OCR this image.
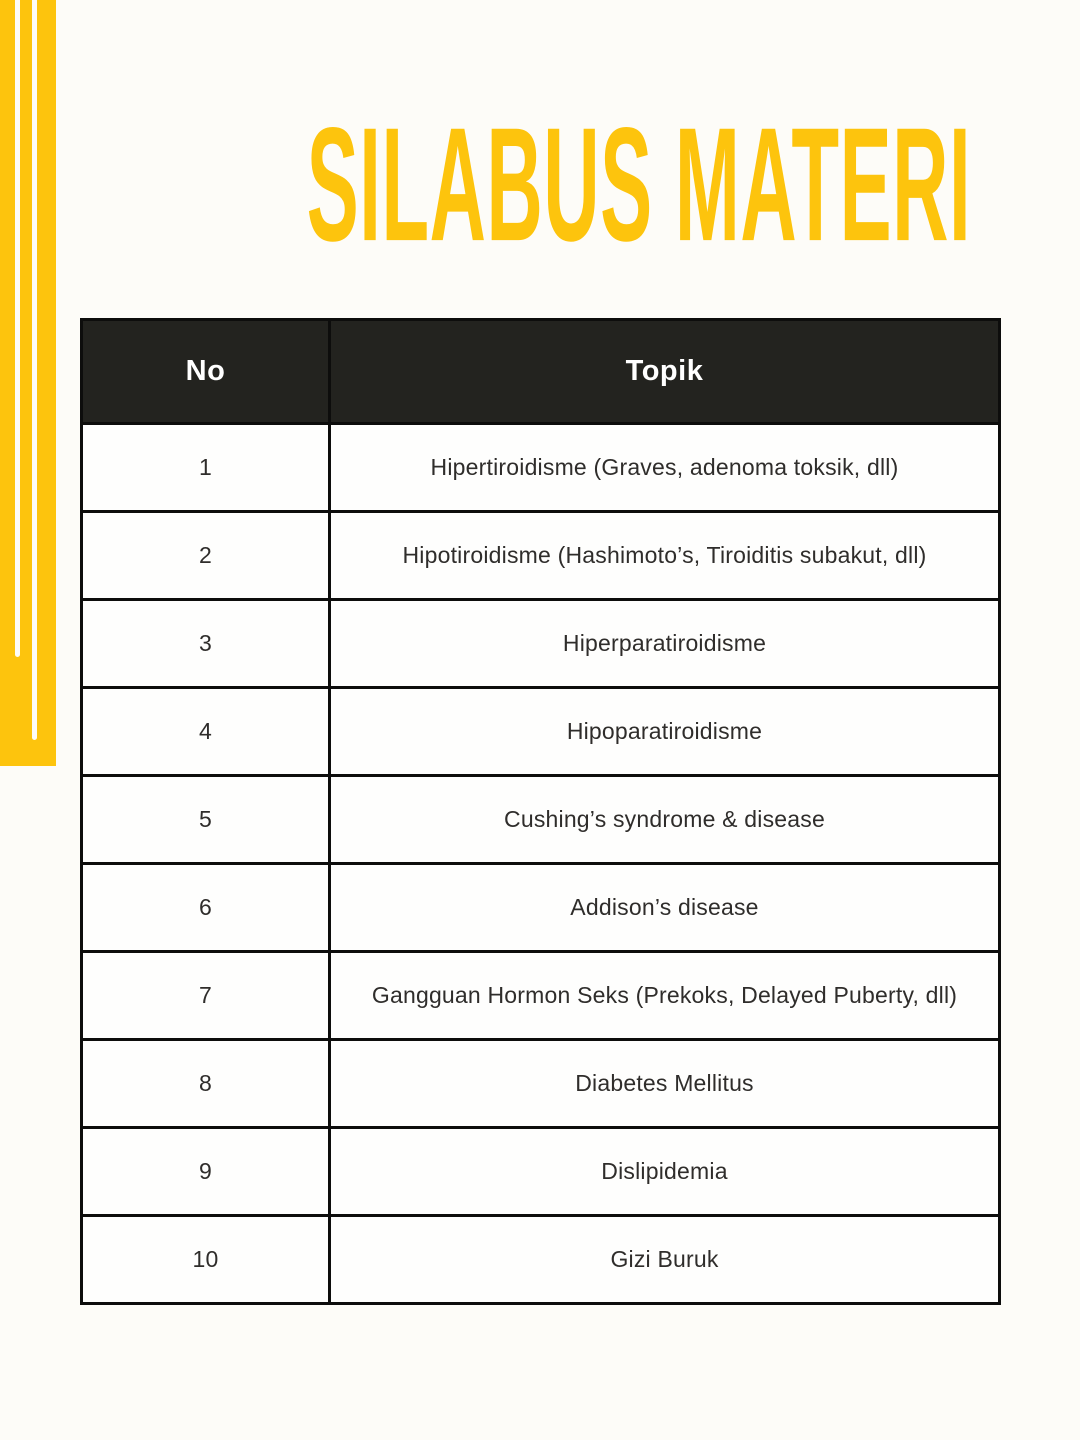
SILABUS MATERI
No	Topik
1	Hipertiroidisme (Graves, adenoma toksik, dll)
2	Hipotiroidisme (Hashimoto’s, Tiroiditis subakut, dll)
3	Hiperparatiroidisme
4	Hipoparatiroidisme
5	Cushing’s syndrome & disease
6	Addison’s disease
7	Gangguan Hormon Seks (Prekoks, Delayed Puberty, dll)
8	Diabetes Mellitus
9	Dislipidemia
10	Gizi Buruk
